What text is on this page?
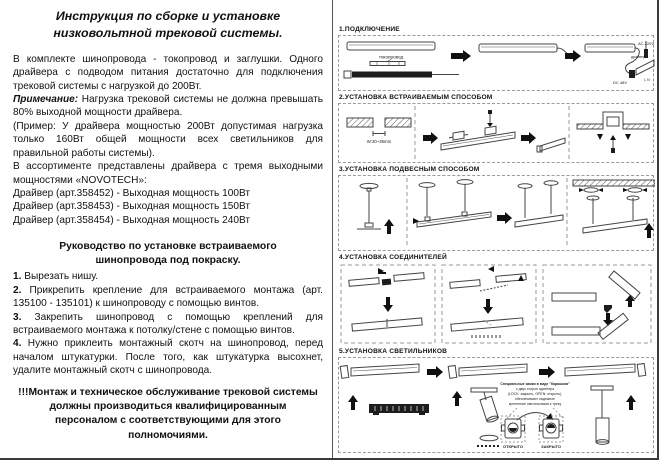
Инструкция по сборке и установке низковольтной трековой системы.

В комплекте шинопровода - токопровод и заглушки. Одного драйвера с подводом питания достаточно для подключения трековой системы с нагрузкой до 200Вт.

Примечание: Нагрузка трековой системы не должна превышать 80% выходной мощности драйвера.

(Пример: У драйвера мощностью 200Вт допустимая нагрузка только 160Вт общей мощности всех светильников для правильной работы системы).

В ассортименте представлены драйвера с тремя выходными мощностями «NOVOTECH»:

Драйвер (арт.358452) - Выходная мощность 100Вт

Драйвер (арт.358453) - Выходная мощность 150Вт

Драйвер (арт.358454) - Выходная мощность 240Вт

Руководство по установке встраиваемого шинопровода под покраску.

1. Вырезать нишу.

2. Прикрепить крепление для встраиваемого монтажа (арт. 135100 - 135101) к шинопроводу с помощью винтов.

3. Закрепить шинопровод с помощью креплений для встраиваемого монтажа к потолку/стене с помощью винтов.

4. Нужно приклеить монтажный скотч на шинопровод, перед началом штукатурки. После того, как штукатурка высохнет, удалите монтажный скотч с шинопровода.

!!!Монтаж и техническое обслуживание трековой системы должны производиться квалифицированным персоналом с соответствующими для этого полномочиями.
1.ПОДКЛЮЧЕНИЕ
токопровод
DC 48V
драйвер
AC 220V
L N
2.УСТАНОВКА ВСТРАИВАЕМЫМ СПОСОБОМ
W:30~35mm
3.УСТАНОВКА ПОДВЕСНЫМ СПОСОБОМ
4.УСТАНОВКА СОЕДИНИТЕЛЕЙ
5.УСТАНОВКА СВЕТИЛЬНИКОВ
Специальные замки в виде "барашков"
с двух сторон адаптера
(LOCK: закрыть, OPEN: открыть),
обеспечивают надежное
крепление светильников к треку
ОТКРЫТО	ЗАКРЫТО
